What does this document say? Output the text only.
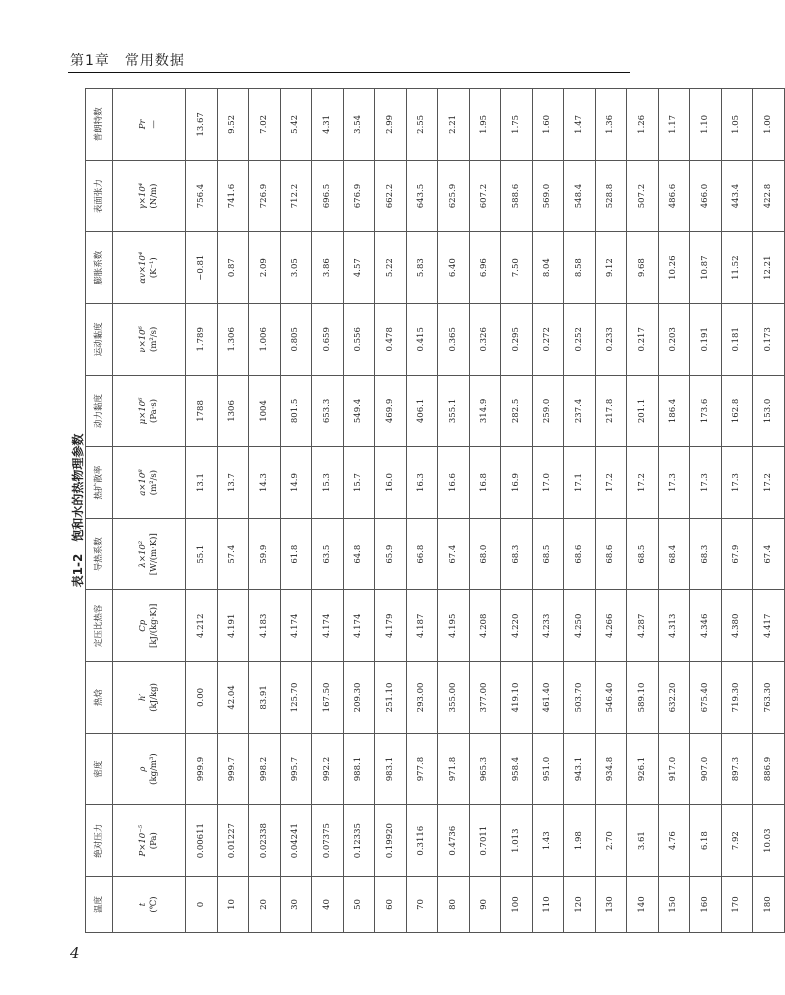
第1章　常用数据
表1-2　饱和水的热物理参数
温度	绝对压力	密度	热焓	定压比热容	导热系数	热扩散率	动力黏度	运动黏度	膨胀系数	表面张力	普朗特数

t (℃)	P×10⁻⁵ (Pa)	ρ (kg/m³)	h′ (kJ/kg)	Cp [kJ/(kg·K)]	λ×10² [W/(m·K)]	a×10⁸ (m²/s)	μ×10⁶ (Pa·s)	ν×10⁶ (m²/s)	αv×10⁴ (K⁻¹)	γ×10⁴ (N/m)	Pr —

0	0.00611	999.9	0.00	4.212	55.1	13.1	1788	1.789	−0.81	756.4	13.67
10	0.01227	999.7	42.04	4.191	57.4	13.7	1306	1.306	0.87	741.6	9.52
20	0.02338	998.2	83.91	4.183	59.9	14.3	1004	1.006	2.09	726.9	7.02
30	0.04241	995.7	125.70	4.174	61.8	14.9	801.5	0.805	3.05	712.2	5.42
40	0.07375	992.2	167.50	4.174	63.5	15.3	653.3	0.659	3.86	696.5	4.31
50	0.12335	988.1	209.30	4.174	64.8	15.7	549.4	0.556	4.57	676.9	3.54
60	0.19920	983.1	251.10	4.179	65.9	16.0	469.9	0.478	5.22	662.2	2.99
70	0.3116	977.8	293.00	4.187	66.8	16.3	406.1	0.415	5.83	643.5	2.55
80	0.4736	971.8	355.00	4.195	67.4	16.6	355.1	0.365	6.40	625.9	2.21
90	0.7011	965.3	377.00	4.208	68.0	16.8	314.9	0.326	6.96	607.2	1.95
100	1.013	958.4	419.10	4.220	68.3	16.9	282.5	0.295	7.50	588.6	1.75
110	1.43	951.0	461.40	4.233	68.5	17.0	259.0	0.272	8.04	569.0	1.60
120	1.98	943.1	503.70	4.250	68.6	17.1	237.4	0.252	8.58	548.4	1.47
130	2.70	934.8	546.40	4.266	68.6	17.2	217.8	0.233	9.12	528.8	1.36
140	3.61	926.1	589.10	4.287	68.5	17.2	201.1	0.217	9.68	507.2	1.26
150	4.76	917.0	632.20	4.313	68.4	17.3	186.4	0.203	10.26	486.6	1.17
160	6.18	907.0	675.40	4.346	68.3	17.3	173.6	0.191	10.87	466.0	1.10
170	7.92	897.3	719.30	4.380	67.9	17.3	162.8	0.181	11.52	443.4	1.05
180	10.03	886.9	763.30	4.417	67.4	17.2	153.0	0.173	12.21	422.8	1.00
4
